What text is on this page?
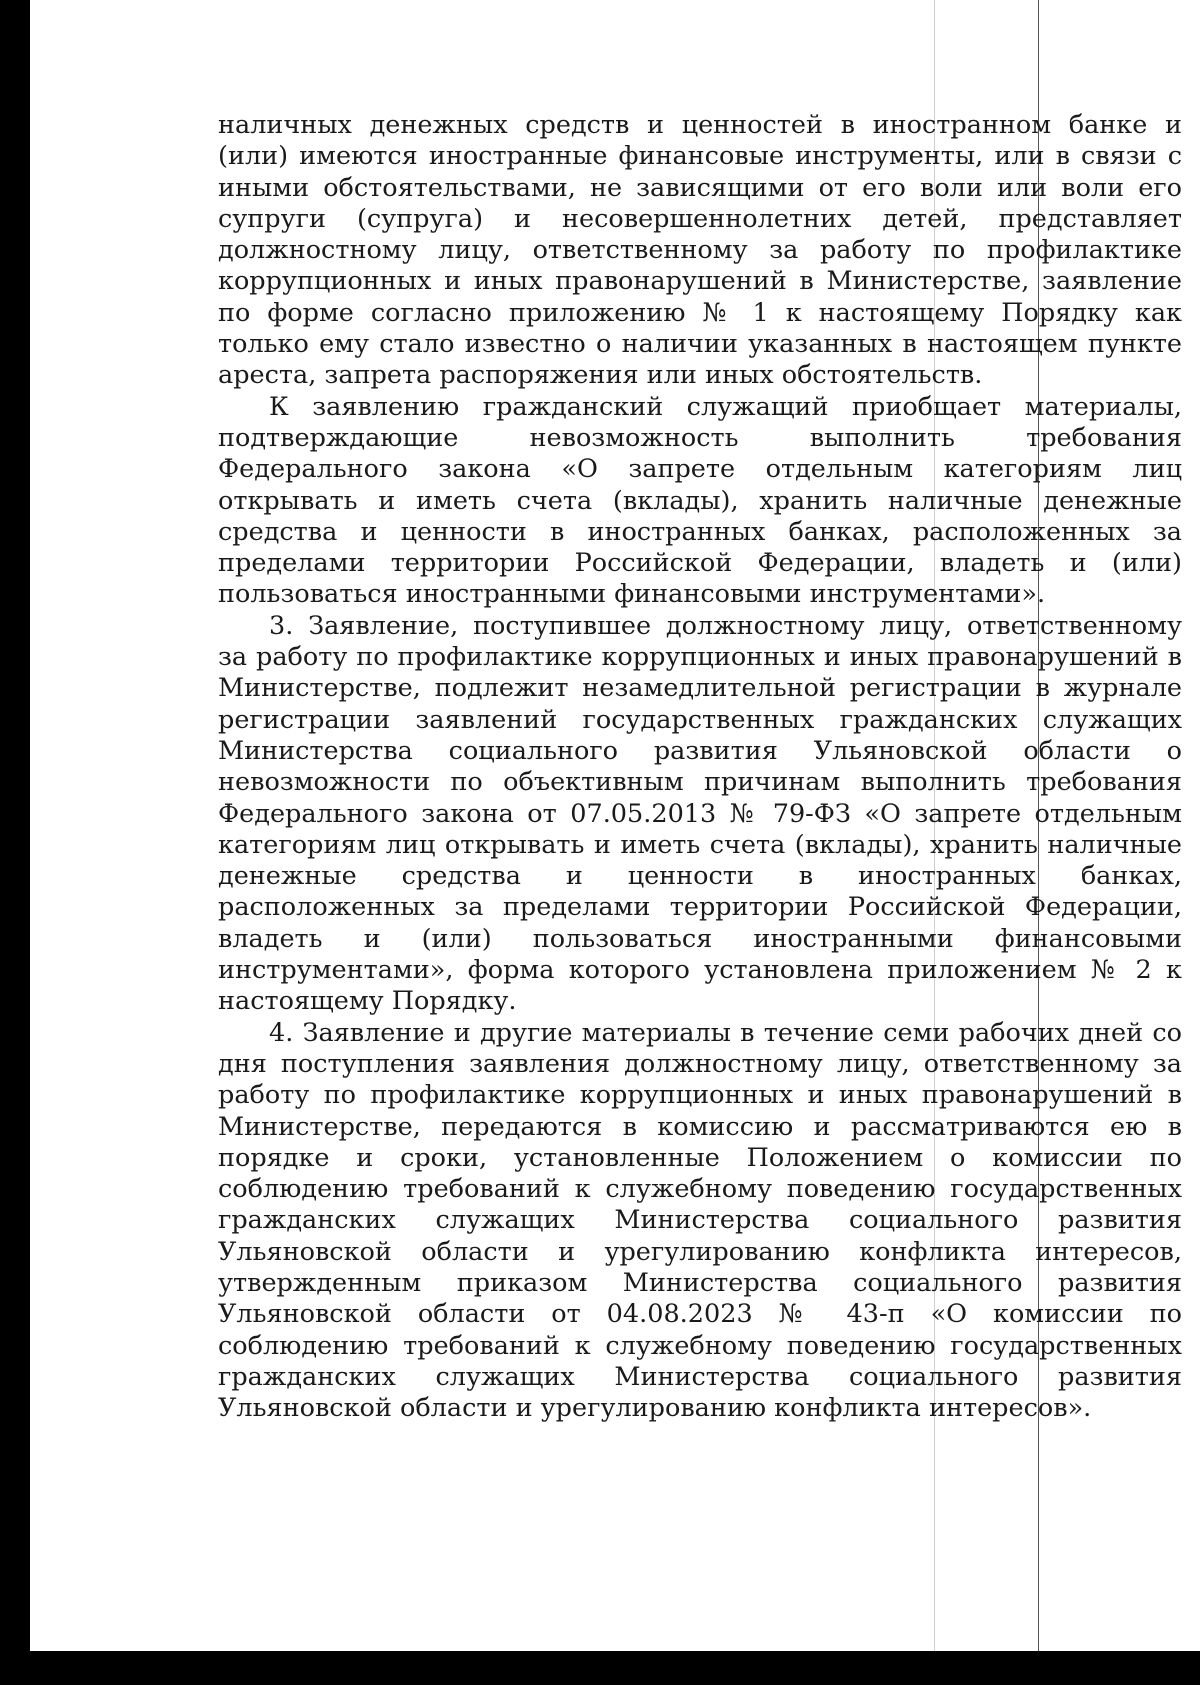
наличных денежных средств и ценностей в иностранном банке и (или) имеются иностранные финансовые инструменты, или в связи с иными обстоятельствами, не зависящими от его воли или воли его супруги (супруга) и несовершеннолетних детей, представляет должностному лицу, ответственному за работу по профилактике коррупционных и иных правонарушений в Министерстве, заявление по форме согласно приложению № 1 к настоящему Порядку как только ему стало известно о наличии указанных в настоящем пункте ареста, запрета распоряжения или иных обстоятельств.

К заявлению гражданский служащий приобщает материалы, подтверждающие невозможность выполнить требования Федерального закона «О запрете отдельным категориям лиц открывать и иметь счета (вклады), хранить наличные денежные средства и ценности в иностранных банках, расположенных за пределами территории Российской Федерации, владеть и (или) пользоваться иностранными финансовыми инструментами».

3. Заявление, поступившее должностному лицу, ответственному за работу по профилактике коррупционных и иных правонарушений в Министерстве, подлежит незамедлительной регистрации в журнале регистрации заявлений государственных гражданских служащих Министерства социального развития Ульяновской области о невозможности по объективным причинам выполнить требования Федерального закона от 07.05.2013 № 79-ФЗ «О запрете отдельным категориям лиц открывать и иметь счета (вклады), хранить наличные денежные средства и ценности в иностранных банках, расположенных за пределами территории Российской Федерации, владеть и (или) пользоваться иностранными финансовыми инструментами», форма которого установлена приложением № 2 к настоящему Порядку.

4. Заявление и другие материалы в течение семи рабочих дней со дня поступления заявления должностному лицу, ответственному за работу по профилактике коррупционных и иных правонарушений в Министерстве, передаются в комиссию и рассматриваются ею в порядке и сроки, установленные Положением о комиссии по соблюдению требований к служебному поведению государственных гражданских служащих Министерства социального развития Ульяновской области и урегулированию конфликта интересов, утвержденным приказом Министерства социального развития Ульяновской области от 04.08.2023 № 43-п «О комиссии по соблюдению требований к служебному поведению государственных гражданских служащих Министерства социального развития Ульяновской области и урегулированию конфликта интересов».
